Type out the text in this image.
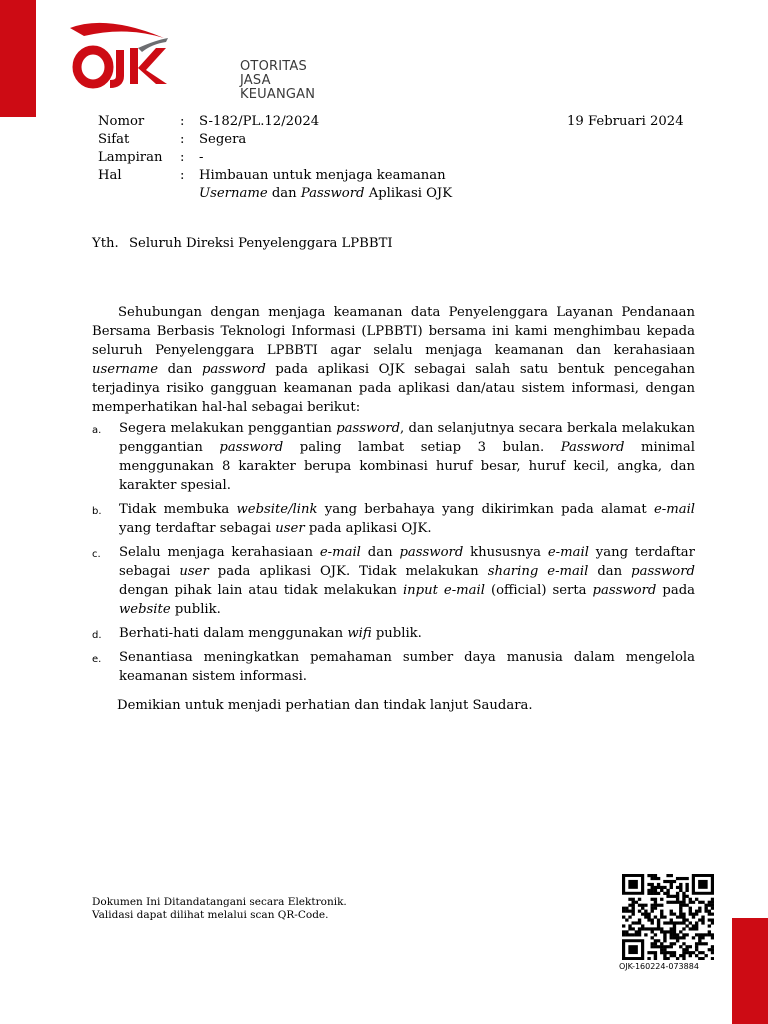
OTORITAS
JASA
KEUANGAN
Nomor	: S-182/PL.12/2024
Sifat	: Segera
Lampiran : -
Hal	: Himbauan untuk menjaga keamanan
Username dan Password Aplikasi OJK
19 Februari 2024
Yth. Seluruh Direksi Penyelenggara LPBBTI
Sehubungan dengan menjaga keamanan data Penyelenggara Layanan Pendanaan Bersama Berbasis Teknologi Informasi (LPBBTI) bersama ini kami menghimbau kepada seluruh Penyelenggara LPBBTI agar selalu menjaga keamanan dan kerahasiaan username dan password pada aplikasi OJK sebagai salah satu bentuk pencegahan terjadinya risiko gangguan keamanan pada aplikasi dan/atau sistem informasi, dengan memperhatikan hal-hal sebagai berikut:
a. Segera melakukan penggantian password, dan selanjutnya secara berkala melakukan penggantian password paling lambat setiap 3 bulan. Password minimal menggunakan 8 karakter berupa kombinasi huruf besar, huruf kecil, angka, dan karakter spesial.
b. Tidak membuka website/link yang berbahaya yang dikirimkan pada alamat e-mail yang terdaftar sebagai user pada aplikasi OJK.
c. Selalu menjaga kerahasiaan e-mail dan password khususnya e-mail yang terdaftar sebagai user pada aplikasi OJK. Tidak melakukan sharing e-mail dan password dengan pihak lain atau tidak melakukan input e-mail (official) serta password pada website publik.
d. Berhati-hati dalam menggunakan wifi publik.
e. Senantiasa meningkatkan pemahaman sumber daya manusia dalam mengelola keamanan sistem informasi.
Demikian untuk menjadi perhatian dan tindak lanjut Saudara.
Dokumen Ini Ditandatangani secara Elektronik.
Validasi dapat dilihat melalui scan QR-Code.
OJK-160224-073884
